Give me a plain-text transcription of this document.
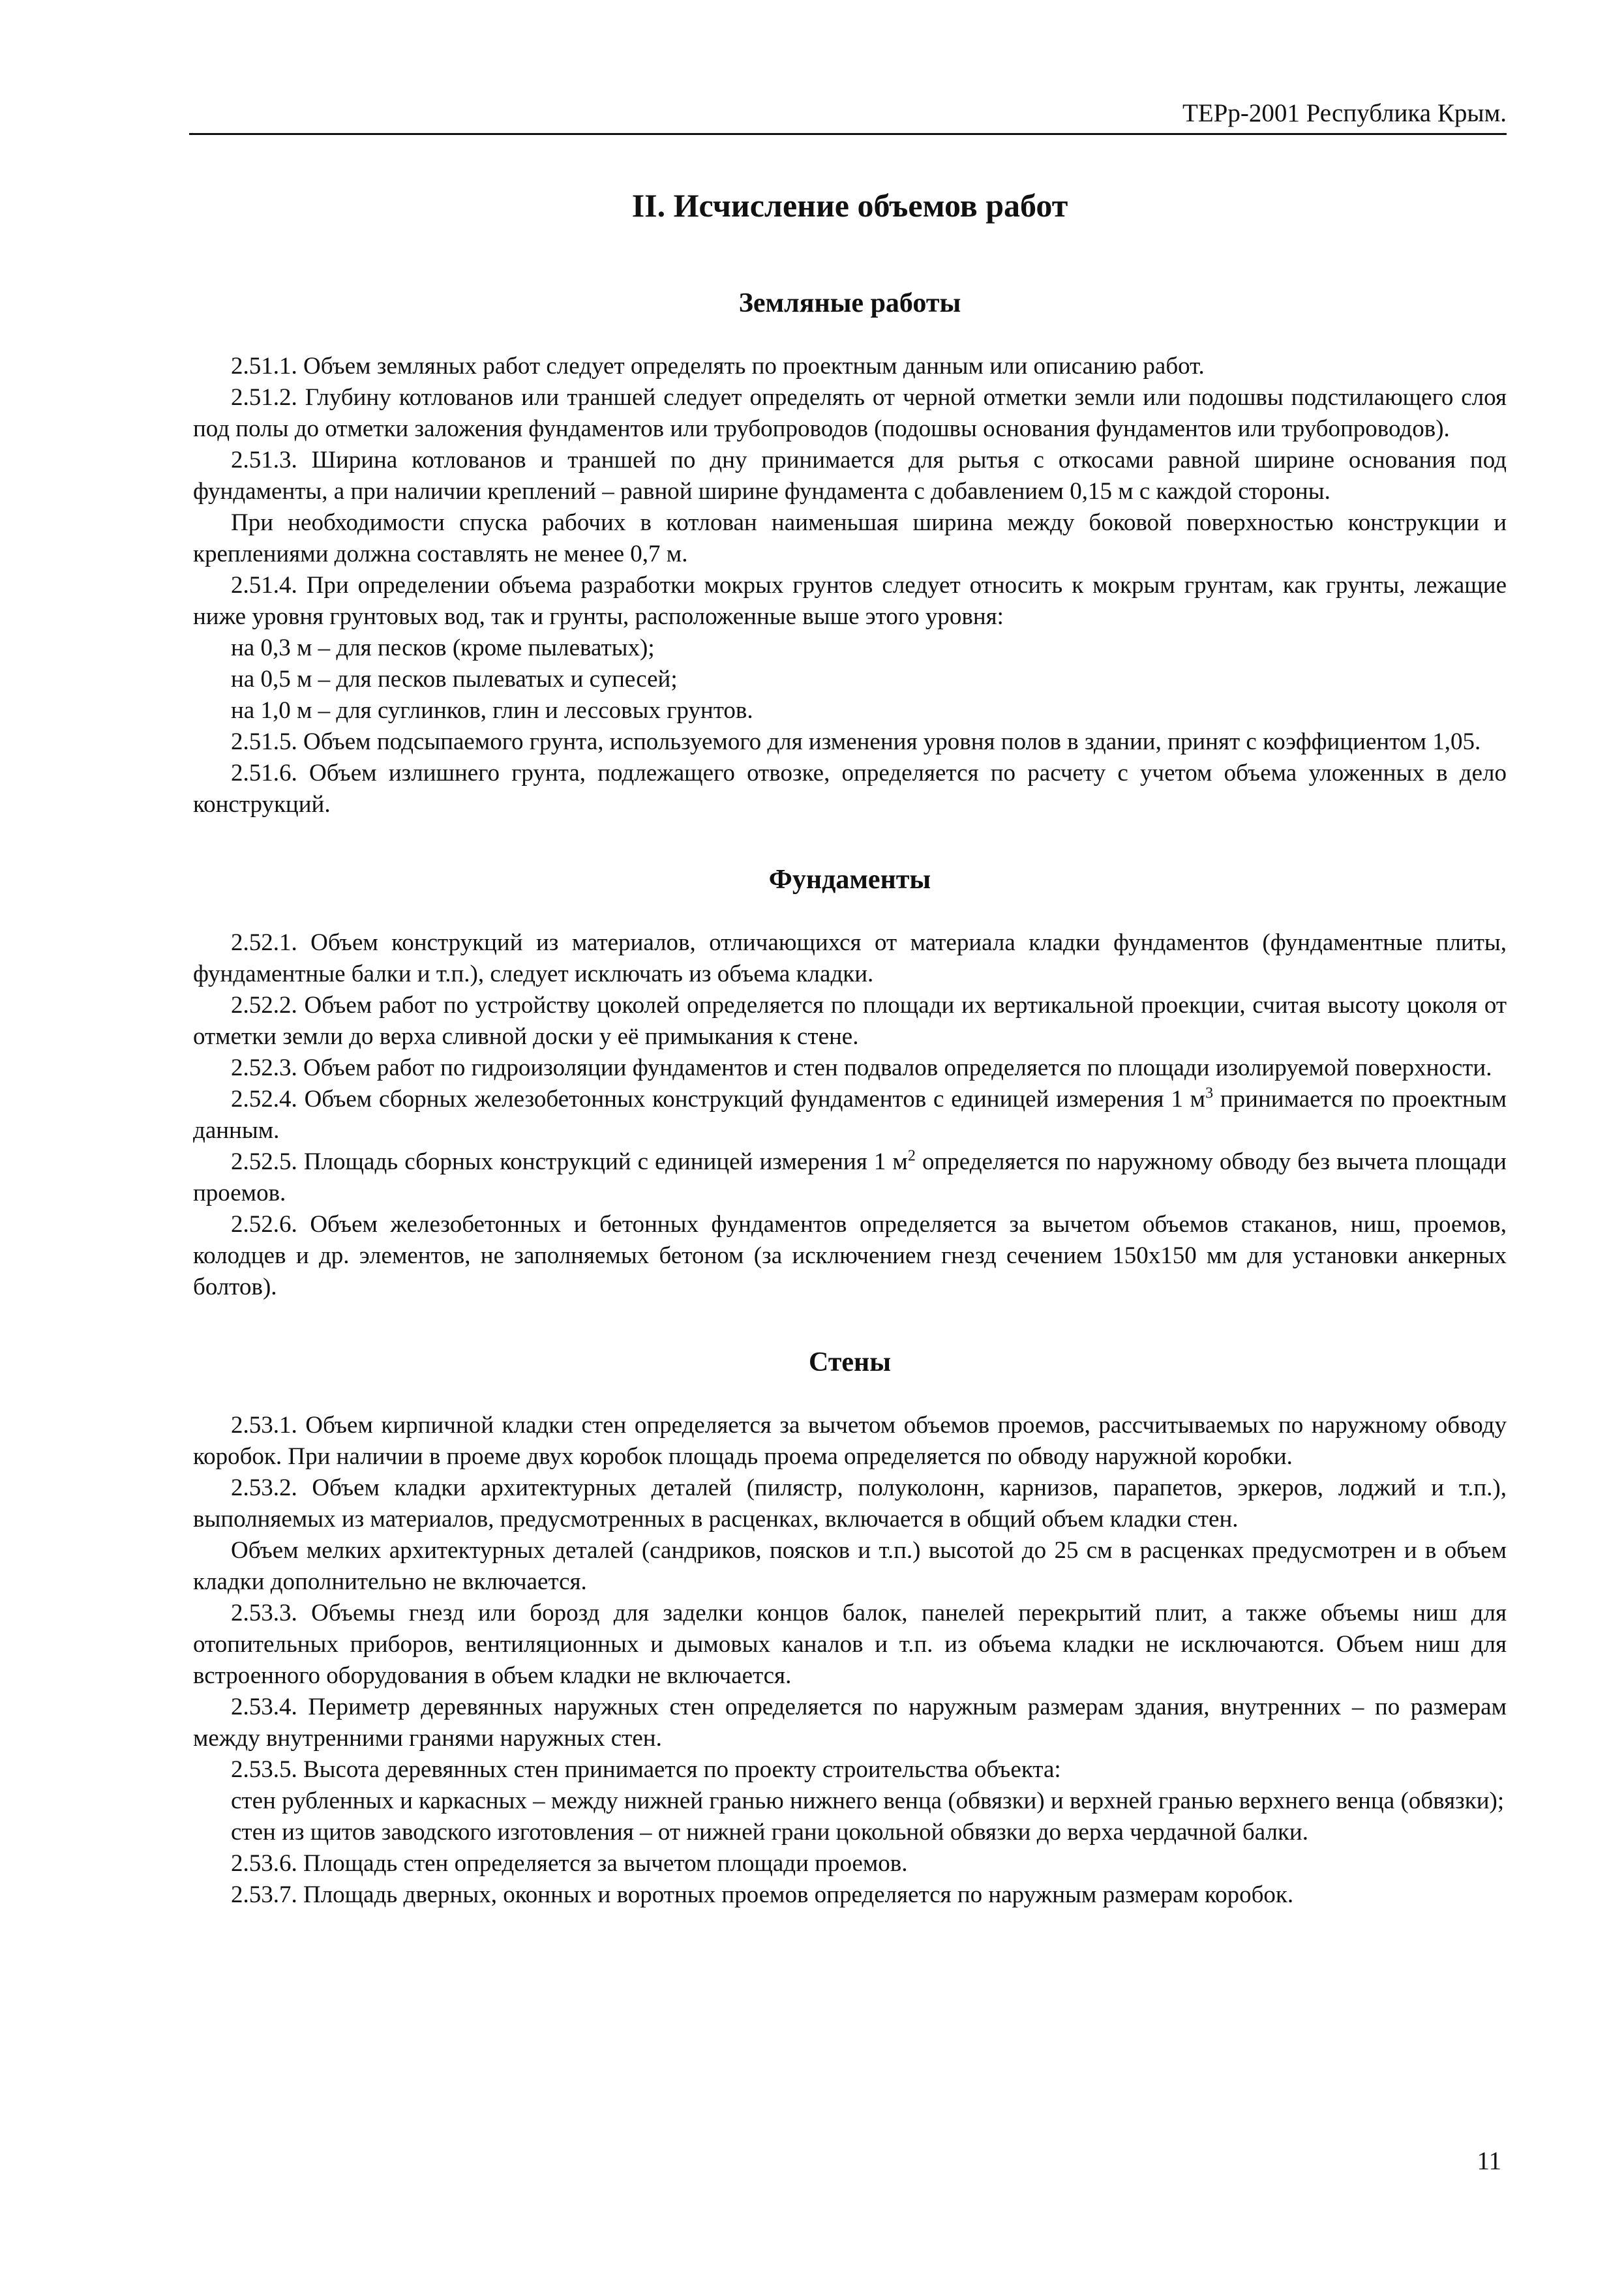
ТЕРр-2001 Республика Крым.
II. Исчисление объемов работ
Земляные работы

2.51.1. Объем земляных работ следует определять по проектным данным или описанию работ.

2.51.2. Глубину котлованов или траншей следует определять от черной отметки земли или подошвы подстилающего слоя под полы до отметки заложения фундаментов или трубопроводов (подошвы основания фундаментов или трубопроводов).

2.51.3. Ширина котлованов и траншей по дну принимается для рытья с откосами равной ширине основания под фундаменты, а при наличии креплений – равной ширине фундамента с добавлением 0,15 м с каждой стороны.

При необходимости спуска рабочих в котлован наименьшая ширина между боковой поверхностью конструкции и креплениями должна составлять не менее 0,7 м.

2.51.4. При определении объема разработки мокрых грунтов следует относить к мокрым грунтам, как грунты, лежащие ниже уровня грунтовых вод, так и грунты, расположенные выше этого уровня:

на 0,3 м – для песков (кроме пылеватых);

на 0,5 м – для песков пылеватых и супесей;

на 1,0 м – для суглинков, глин и лессовых грунтов.

2.51.5. Объем подсыпаемого грунта, используемого для изменения уровня полов в здании, принят с коэффициентом 1,05.

2.51.6. Объем излишнего грунта, подлежащего отвозке, определяется по расчету с учетом объема уложенных в дело конструкций.

Фундаменты

2.52.1. Объем конструкций из материалов, отличающихся от материала кладки фундаментов (фундаментные плиты, фундаментные балки и т.п.), следует исключать из объема кладки.

2.52.2. Объем работ по устройству цоколей определяется по площади их вертикальной проекции, считая высоту цоколя от отметки земли до верха сливной доски у её примыкания к стене.

2.52.3. Объем работ по гидроизоляции фундаментов и стен подвалов определяется по площади изолируемой поверхности.

2.52.4. Объем сборных железобетонных конструкций фундаментов с единицей измерения 1 $м^3$ принимается по проектным данным.

2.52.5. Площадь сборных конструкций с единицей измерения 1 $м^2$ определяется по наружному обводу без вычета площади проемов.

2.52.6. Объем железобетонных и бетонных фундаментов определяется за вычетом объемов стаканов, ниш, проемов, колодцев и др. элементов, не заполняемых бетоном (за исключением гнезд сечением 150х150 мм для установки анкерных болтов).

Стены

2.53.1. Объем кирпичной кладки стен определяется за вычетом объемов проемов, рассчитываемых по наружному обводу коробок. При наличии в проеме двух коробок площадь проема определяется по обводу наружной коробки.

2.53.2. Объем кладки архитектурных деталей (пилястр, полуколонн, карнизов, парапетов, эркеров, лоджий и т.п.), выполняемых из материалов, предусмотренных в расценках, включается в общий объем кладки стен.

Объем мелких архитектурных деталей (сандриков, поясков и т.п.) высотой до 25 см в расценках предусмотрен и в объем кладки дополнительно не включается.

2.53.3. Объемы гнезд или борозд для заделки концов балок, панелей перекрытий плит, а также объемы ниш для отопительных приборов, вентиляционных и дымовых каналов и т.п. из объема кладки не исключаются. Объем ниш для встроенного оборудования в объем кладки не включается.

2.53.4. Периметр деревянных наружных стен определяется по наружным размерам здания, внутренних – по размерам между внутренними гранями наружных стен.

2.53.5. Высота деревянных стен принимается по проекту строительства объекта:

стен рубленных и каркасных – между нижней гранью нижнего венца (обвязки) и верхней гранью верхнего венца (обвязки);

стен из щитов заводского изготовления – от нижней грани цокольной обвязки до верха чердачной балки.

2.53.6. Площадь стен определяется за вычетом площади проемов.

2.53.7. Площадь дверных, оконных и воротных проемов определяется по наружным размерам коробок.

11
